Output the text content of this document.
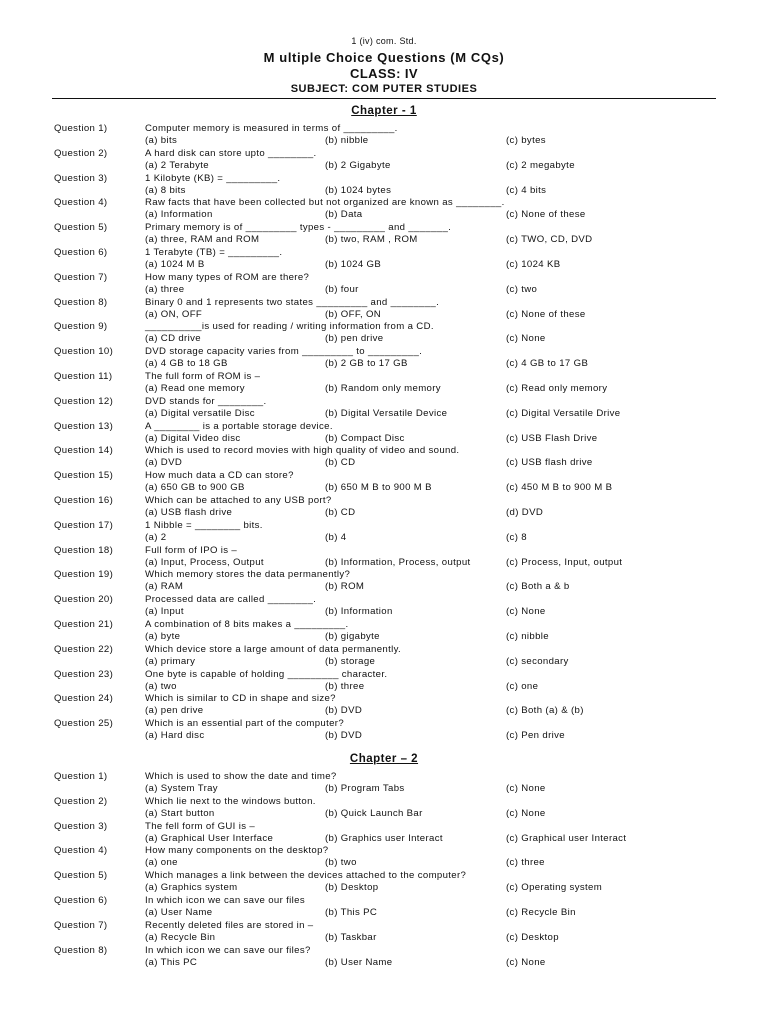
1 (iv) com. Std.
M ultiple Choice Questions (M CQs)
CLASS: IV
SUBJECT: COM PUTER STUDIES
Chapter - 1
Question 1)	Computer memory is measured in terms of _________.
(a) bits	(b) nibble	(c) bytes
Question 2)	A hard disk can store upto ________.
(a) 2 Terabyte	(b) 2 Gigabyte	(c) 2 megabyte
Question 3)	1 Kilobyte (KB) = _________.
(a) 8 bits	(b) 1024 bytes	(c) 4 bits
Question 4)	Raw facts that have been collected but not organized are known as ________.
(a) Information	(b) Data	(c) None of these
Question 5)	Primary memory is of _________ types - _________ and _______.
(a) three, RAM and ROM	(b) two, RAM , ROM	(c) TWO, CD, DVD
Question 6)	1 Terabyte (TB) = _________.
(a) 1024 M B	(b) 1024 GB	(c) 1024 KB
Question 7)	How many types of ROM are there?
(a) three	(b) four	(c) two
Question 8)	Binary 0 and 1 represents two states _________ and ________.
(a) ON, OFF	(b) OFF, ON	(c) None of these
Question 9)	__________is used for reading / writing information from a CD.
(a) CD drive	(b) pen drive	(c) None
Question 10)	DVD storage capacity varies from _________ to _________.
(a) 4 GB to 18 GB	(b) 2 GB to 17 GB	(c) 4 GB to 17 GB
Question 11)	The full form of ROM is –
(a) Read one memory	(b) Random only memory	(c) Read only memory
Question 12)	DVD stands for ________.
(a) Digital versatile Disc	(b) Digital Versatile Device	(c) Digital Versatile Drive
Question 13)	A ________ is a portable storage device.
(a) Digital Video disc	(b) Compact Disc	(c) USB Flash Drive
Question 14)	Which is used to record movies with high quality of video and sound.
(a) DVD	(b) CD	(c) USB flash drive
Question 15)	How much data a CD can store?
(a) 650 GB to 900 GB	(b) 650 M B to 900 M B	(c) 450 M B to 900 M B
Question 16)	Which can be attached to any USB port?
(a) USB flash drive	(b) CD	(d) DVD
Question 17)	1 Nibble = ________ bits.
(a) 2	(b) 4	(c) 8
Question 18)	Full form of IPO is –
(a) Input, Process, Output	(b) Information, Process, output	(c) Process, Input, output
Question 19)	Which memory stores the data permanently?
(a) RAM	(b) ROM	(c) Both a & b
Question 20)	Processed data are called ________.
(a) Input	(b) Information	(c) None
Question 21)	A combination of 8 bits makes a _________.
(a) byte	(b) gigabyte	(c) nibble
Question 22)	Which device store a large amount of data permanently.
(a) primary	(b) storage	(c) secondary
Question 23)	One byte is capable of holding _________ character.
(a) two	(b) three	(c) one
Question 24)	Which is similar to CD in shape and size?
(a) pen drive	(b) DVD	(c) Both (a) & (b)
Question 25)	Which is an essential part of the computer?
(a) Hard disc	(b) DVD	(c) Pen drive
Chapter – 2
Question 1)	Which is used to show the date and time?
(a) System Tray	(b) Program Tabs	(c) None
Question 2)	Which lie next to the windows button.
(a) Start button	(b) Quick Launch Bar	(c) None
Question 3)	The fell form of GUI is –
(a) Graphical User Interface	(b) Graphics user Interact	(c) Graphical user Interact
Question 4)	How many components on the desktop?
(a) one	(b) two	(c) three
Question 5)	Which manages a link between the devices attached to the computer?
(a) Graphics system	(b) Desktop	(c) Operating system
Question 6)	In which icon we can save our files
(a) User Name	(b) This PC	(c) Recycle Bin
Question 7)	Recently deleted files are stored in –
(a) Recycle Bin	(b) Taskbar	(c) Desktop
Question 8)	In which icon we can save our files?
(a) This PC	(b) User Name	(c) None
